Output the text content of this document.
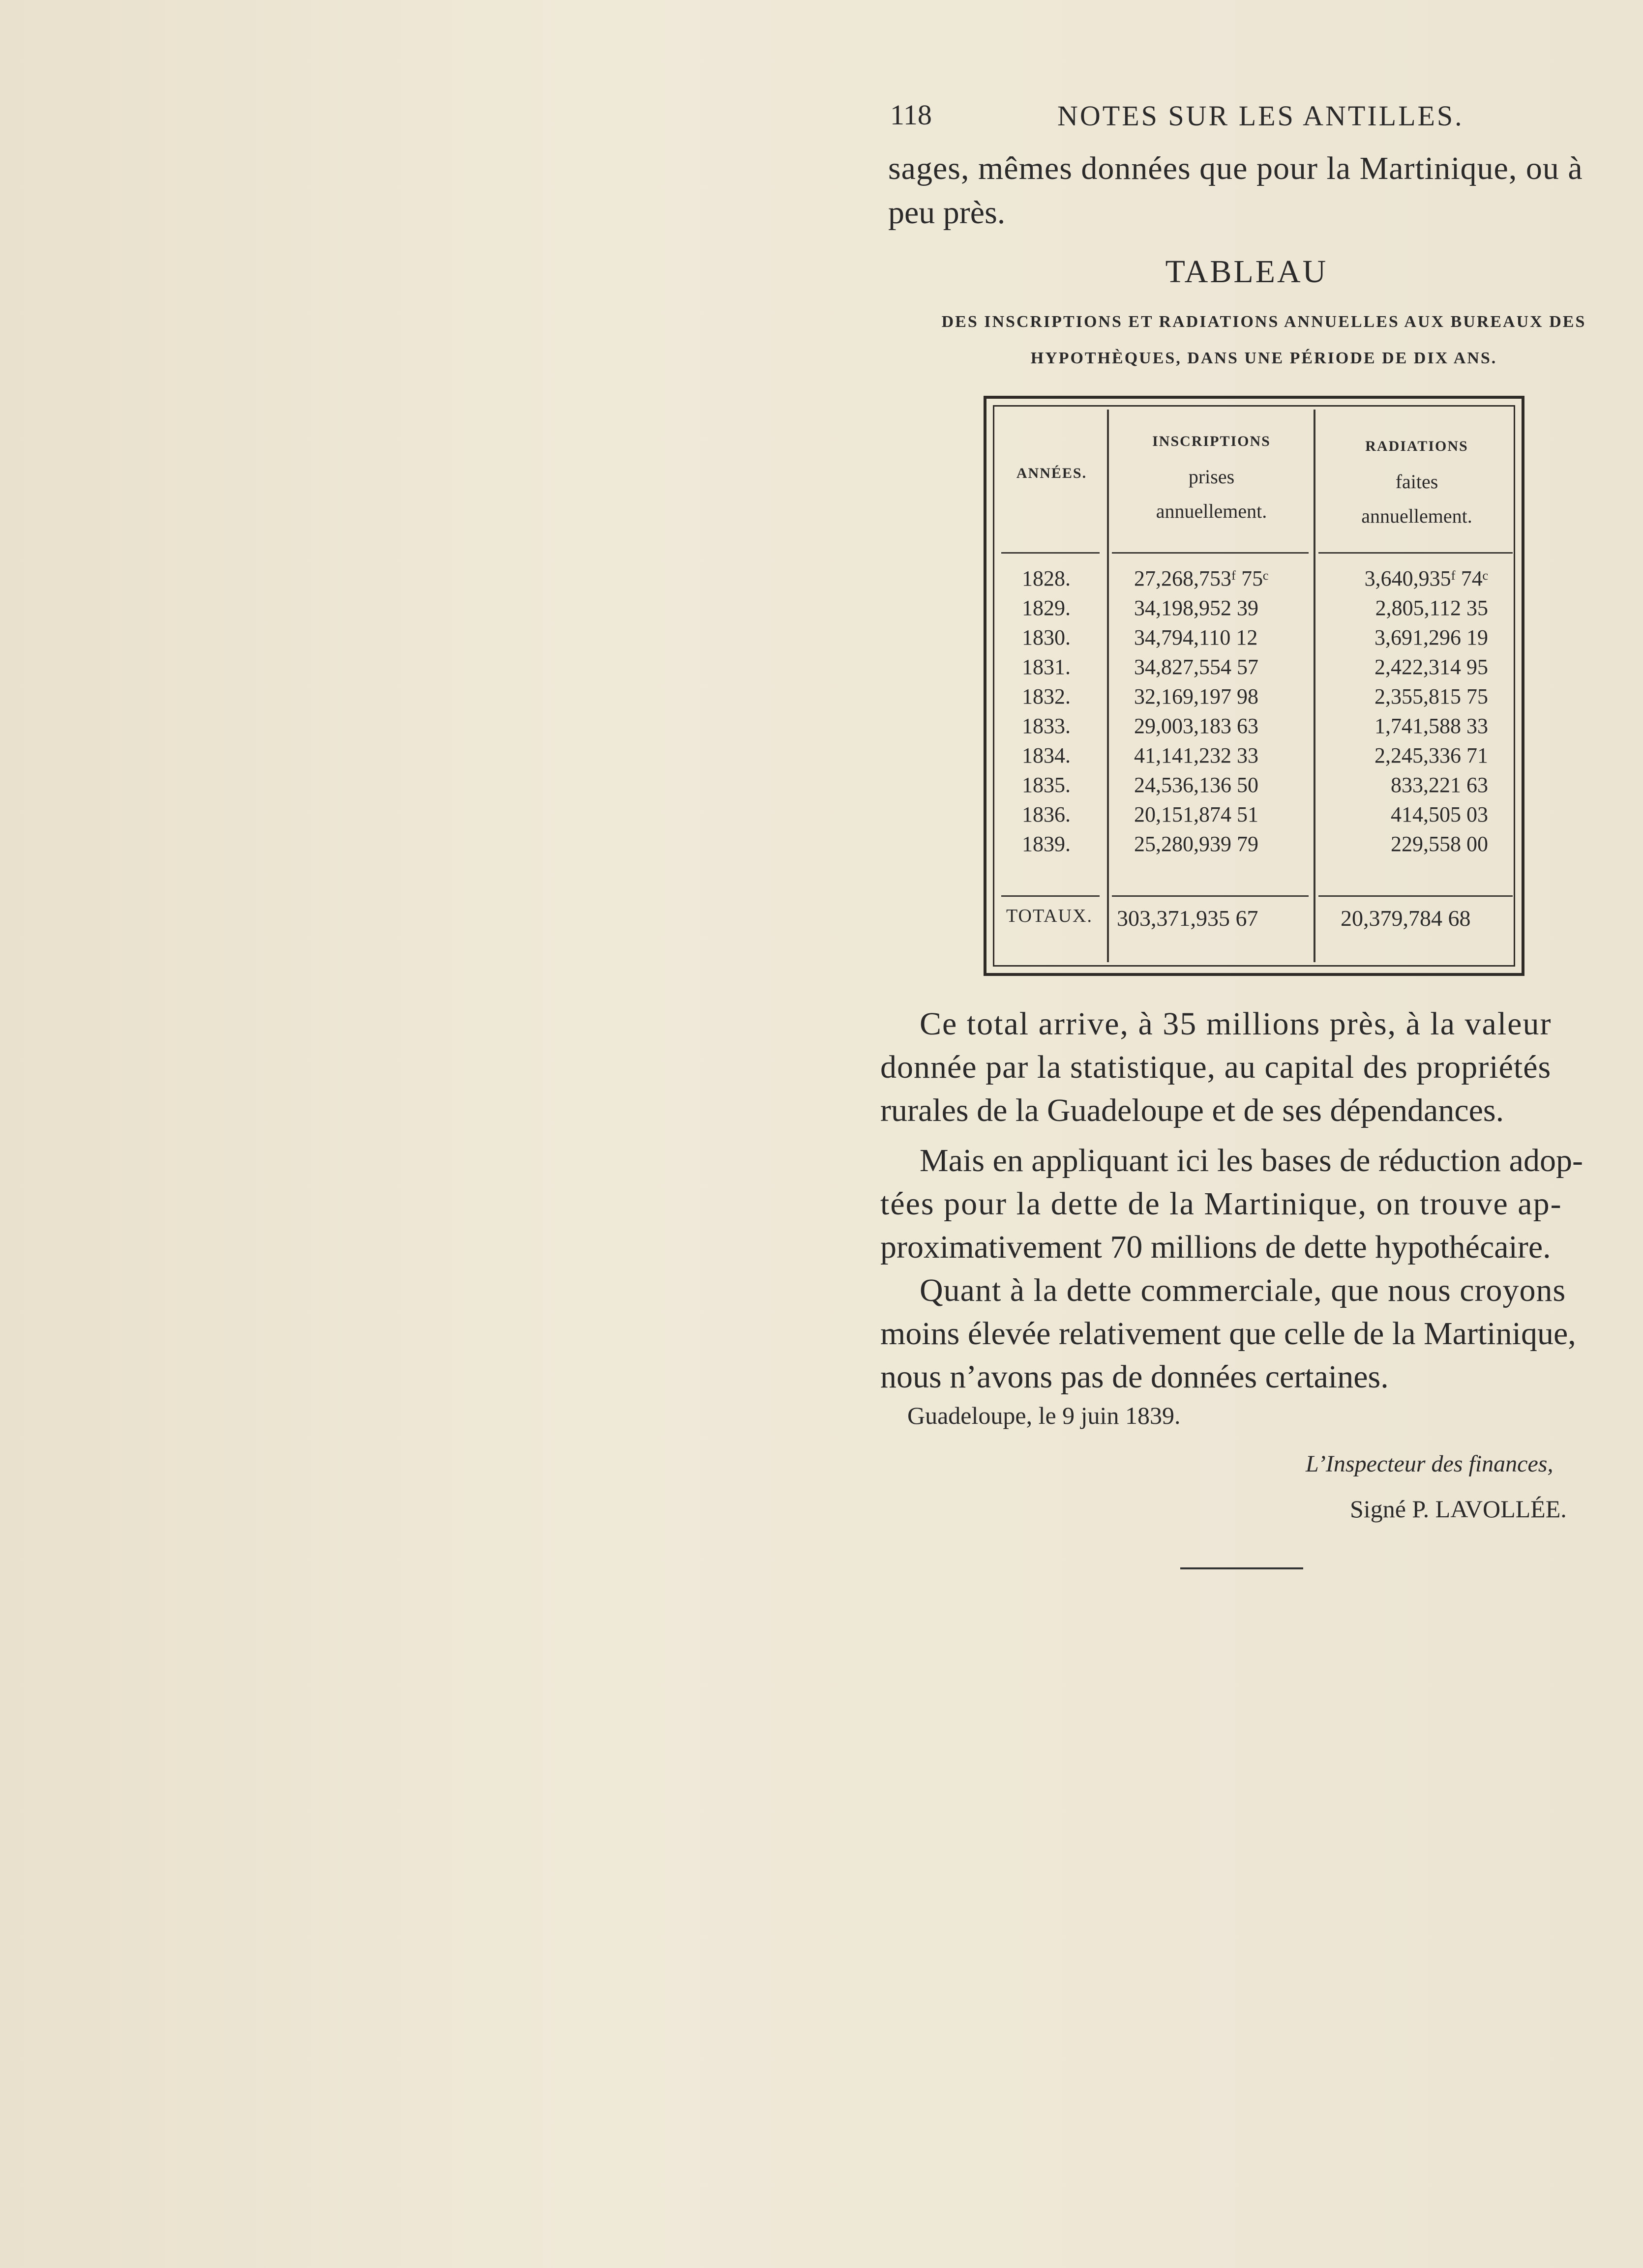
118	NOTES SUR LES ANTILLES.
sages, mêmes données que pour la Martinique, ou à
peu près.
TABLEAU
DES INSCRIPTIONS ET RADIATIONS ANNUELLES AUX BUREAUX DES
HYPOTHÈQUES, DANS UNE PÉRIODE DE DIX ANS.
ANNÉES.
INSCRIPTIONS
prises
annuellement.
RADIATIONS
faites
annuellement.
1828.	27,268,753ᶠ 75ᶜ	3,640,935ᶠ 74ᶜ
1829.	34,198,952 39	2,805,112 35
1830.	34,794,110 12	3,691,296 19
1831.	34,827,554 57	2,422,314 95
1832.	32,169,197 98	2,355,815 75
1833.	29,003,183 63	1,741,588 33
1834.	41,141,232 33	2,245,336 71
1835.	24,536,136 50	833,221 63
1836.	20,151,874 51	414,505 03
1839.	25,280,939 79	229,558 00
TOTAUX. 303,371,935 67	20,379,784 68
Ce total arrive, à 35 millions près, à la valeur
donnée par la statistique, au capital des propriétés
rurales de la Guadeloupe et de ses dépendances.
Mais en appliquant ici les bases de réduction adop-
tées pour la dette de la Martinique, on trouve ap-
proximativement 70 millions de dette hypothécaire.
Quant à la dette commerciale, que nous croyons
moins élevée relativement que celle de la Martinique,
nous n’avons pas de données certaines.
Guadeloupe, le 9 juin 1839.
L’Inspecteur des finances,
Signé P. LAVOLLÉE.
